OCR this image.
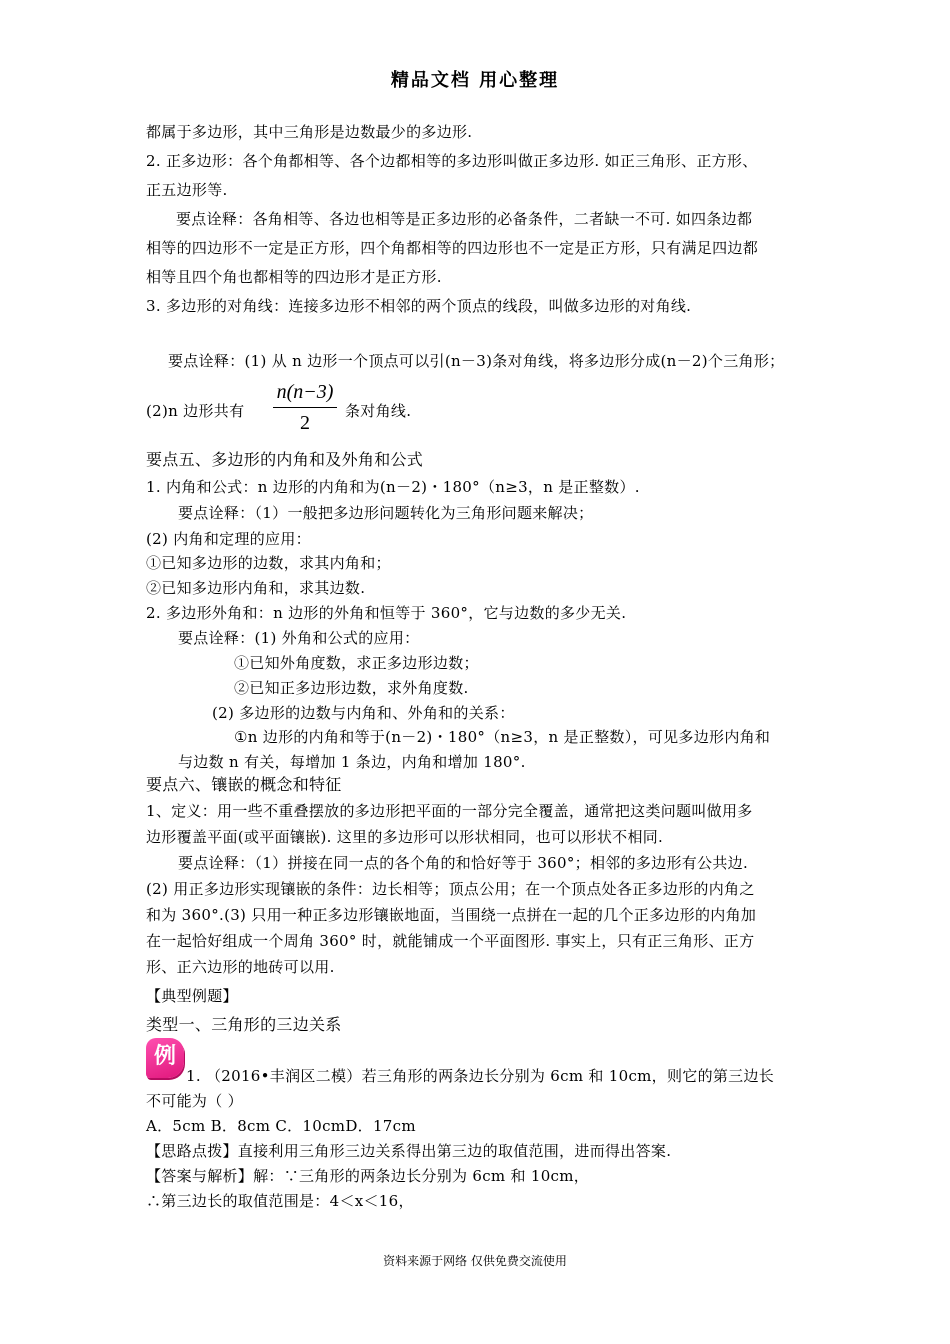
精品文档 用心整理
都属于多边形，其中三角形是边数最少的多边形.
2. 正多边形：各个角都相等、各个边都相等的多边形叫做正多边形. 如正三角形、正方形、
正五边形等.
要点诠释：各角相等、各边也相等是正多边形的必备条件，二者缺一不可. 如四条边都
相等的四边形不一定是正方形，四个角都相等的四边形也不一定是正方形，只有满足四边都
相等且四个角也都相等的四边形才是正方形.
3. 多边形的对角线：连接多边形不相邻的两个顶点的线段，叫做多边形的对角线.
要点诠释：(1) 从 n 边形一个顶点可以引(n－3)条对角线，将多边形分成(n－2)个三角形；
(2)n 边形共有
n(n−3)
2
条对角线.
要点五、多边形的内角和及外角和公式
1. 内角和公式：n 边形的内角和为(n－2)・180°（n≥3，n 是正整数）.
要点诠释：（1）一般把多边形问题转化为三角形问题来解决；
(2) 内角和定理的应用：
①已知多边形的边数，求其内角和；
②已知多边形内角和，求其边数.
2. 多边形外角和：n 边形的外角和恒等于 360°，它与边数的多少无关.
要点诠释：(1) 外角和公式的应用：
①已知外角度数，求正多边形边数；
②已知正多边形边数，求外角度数.
(2) 多边形的边数与内角和、外角和的关系：
①n 边形的内角和等于(n－2)・180°（n≥3，n 是正整数），可见多边形内角和
与边数 n 有关，每增加 1 条边，内角和增加 180°.
要点六、镶嵌的概念和特征
1、定义：用一些不重叠摆放的多边形把平面的一部分完全覆盖，通常把这类问题叫做用多
边形覆盖平面(或平面镶嵌). 这里的多边形可以形状相同，也可以形状不相同.
要点诠释：（1）拼接在同一点的各个角的和恰好等于 360°；相邻的多边形有公共边.
(2) 用正多边形实现镶嵌的条件：边长相等；顶点公用；在一个顶点处各正多边形的内角之
和为 360°.(3) 只用一种正多边形镶嵌地面，当围绕一点拼在一起的几个正多边形的内角加
在一起恰好组成一个周角 360° 时，就能铺成一个平面图形. 事实上，只有正三角形、正方
形、正六边形的地砖可以用.
【典型例题】
类型一、三角形的三边关系
例
1. （2016•丰润区二模）若三角形的两条边长分别为 6cm 和 10cm，则它的第三边长
不可能为（ ）
A．5cm B．8cm C．10cmD．17cm
【思路点拨】直接利用三角形三边关系得出第三边的取值范围，进而得出答案.
【答案与解析】解：∵三角形的两条边长分别为 6cm 和 10cm，
∴第三边长的取值范围是：4＜x＜16，
资料来源于网络 仅供免费交流使用
